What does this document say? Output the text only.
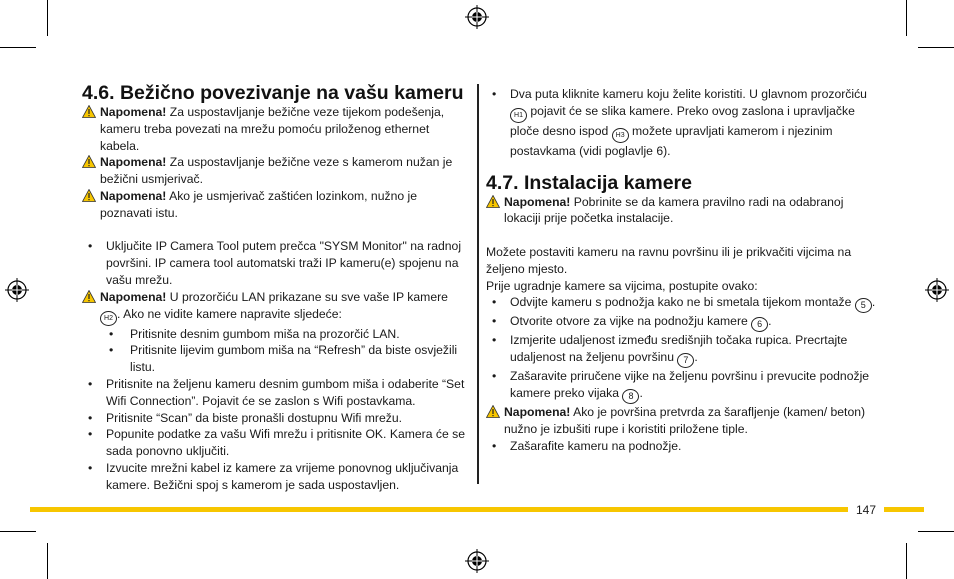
4.6. Bežično povezivanje na vašu kameru
Napomena! Za uspostavljanje bežične veze tijekom podešenja, kameru treba povezati na mrežu pomoću priloženog ethernet kabela.
Napomena! Za uspostavljanje bežične veze s kamerom nužan je bežični usmjerivač.
Napomena! Ako je usmjerivač zaštićen lozinkom, nužno je poznavati istu.
• Uključite IP Camera Tool putem prečca "SYSM Monitor" na radnoj površini. IP camera tool automatski traži IP kameru(e) spojenu na vašu mrežu.
Napomena! U prozorčiću LAN prikazane su sve vaše IP kamere H2 . Ako ne vidite kamere napravite sljedeće:
• Pritisnite desnim gumbom miša na prozorčić LAN.
• Pritisnite lijevim gumbom miša na “Refresh” da biste osvježili listu.
• Pritisnite na željenu kameru desnim gumbom miša i odaberite “Set Wifi Connection”. Pojavit će se zaslon s Wifi postavkama.
• Pritisnite “Scan” da biste pronašli dostupnu Wifi mrežu.
• Popunite podatke za vašu Wifi mrežu i pritisnite OK. Kamera će se sada ponovno uključiti.
• Izvucite mrežni kabel iz kamere za vrijeme ponovnog uključivanja kamere. Bežični spoj s kamerom je sada uspostavljen.
• Dva puta kliknite kameru koju želite koristiti. U glavnom prozorčiću H1 pojavit će se slika kamere. Preko ovog zaslona i upravljačke ploče desno ispod H3 možete upravljati kamerom i njezinim postavkama (vidi poglavlje 6).
4.7. Instalacija kamere
Napomena! Pobrinite se da kamera pravilno radi na odabranoj lokaciji prije početka instalacije.
Možete postaviti kameru na ravnu površinu ili je prikvačiti vijcima na željeno mjesto.
Prije ugradnje kamere sa vijcima, postupite ovako:
• Odvijte kameru s podnožja kako ne bi smetala tijekom montaže 5 .
• Otvorite otvore za vijke na podnožju kamere 6 .
• Izmjerite udaljenost između središnjih točaka rupica. Precrtajte udaljenost na željenu površinu 7 .
• Zašaravite priručene vijke na željenu površinu i prevucite podnožje kamere preko vijaka 8 .
Napomena! Ako je površina pretvrda za šarafljenje (kamen/ beton) nužno je izbušiti rupe i koristiti priložene tiple.
• Zašarafite kameru na podnožje.
147
